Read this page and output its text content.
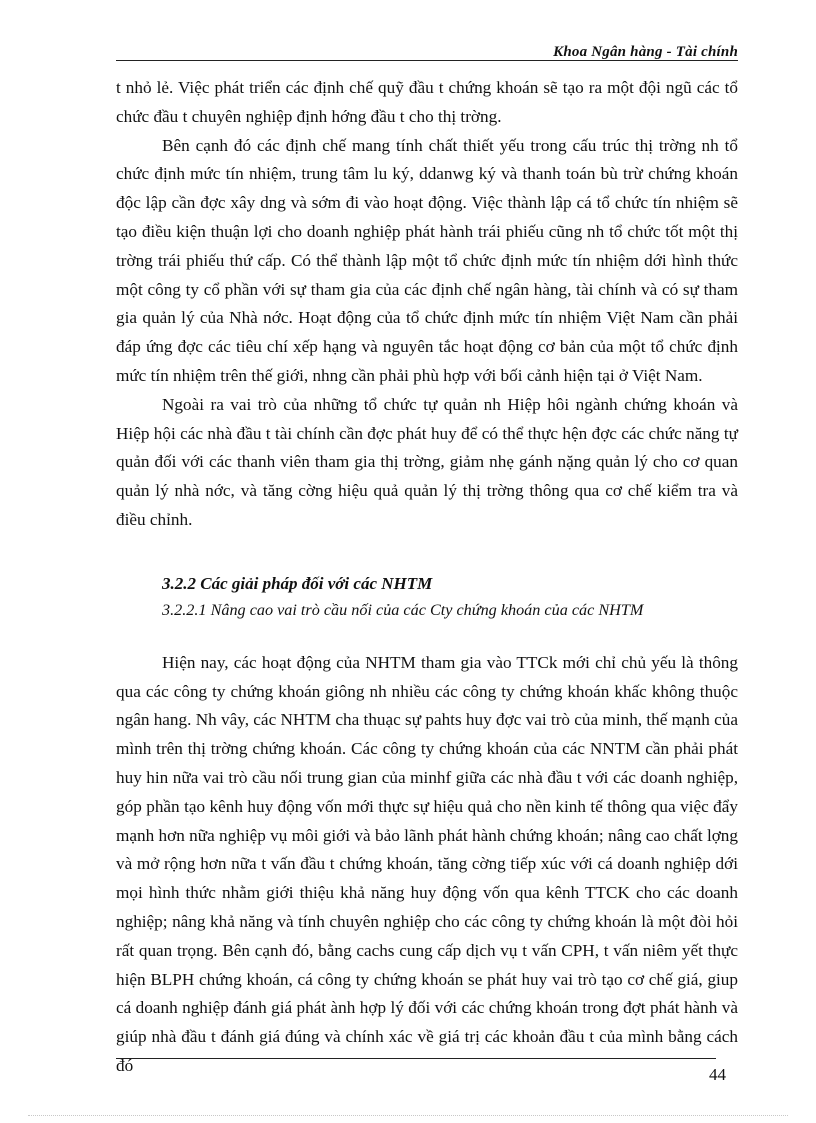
Khoa Ngân hàng - Tài chính

t nhỏ lẻ. Việc phát triển các định chế quỹ đầu t chứng khoán sẽ tạo ra một đội ngũ các tổ chức đầu t chuyên nghiệp định hớng đầu t cho thị trờng.

Bên cạnh đó các định chế mang tính chất thiết yếu trong cấu trúc thị trờng nh tổ chức định mức tín nhiệm, trung tâm lu ký, ddanwg ký và thanh toán bù trừ chứng khoán độc lập cần đợc xây dng và sớm đi vào hoạt động. Việc thành lập cá tổ chức tín nhiệm sẽ tạo điều kiện thuận lợi cho doanh nghiệp phát hành trái phiếu cũng nh tổ chức tốt một thị trờng trái phiếu thứ cấp. Có thể thành lập một tổ chức định mức tín nhiệm dới hình thức một công ty cổ phần với sự tham gia của các định chế ngân hàng, tài chính và có sự tham gia quản lý của Nhà nớc. Hoạt động của tổ chức định mức tín nhiệm Việt Nam cần phải đáp ứng đợc các tiêu chí xếp hạng và nguyên tắc hoạt động cơ bản của một tổ chức định mức tín nhiệm trên thế giới, nhng cần phải phù hợp với bối cảnh hiện tại ở Việt Nam.

Ngoài ra vai trò của những tổ chức tự quản nh Hiệp hôi ngành chứng khoán và Hiệp hội các nhà đầu t tài chính cần đợc phát huy để có thể thực hện đợc các chức năng tự quản đối với các thanh viên tham gia thị trờng, giảm nhẹ gánh nặng quản lý cho cơ quan quản lý nhà nớc, và tăng cờng hiệu quả quản lý thị trờng thông qua cơ chế kiểm tra và điều chỉnh.

3.2.2 Các giải pháp đối với các NHTM
3.2.2.1 Nâng cao vai trò cầu nối của các Cty chứng khoán của các NHTM

Hiện nay, các hoạt động của NHTM tham gia vào TTCk mới chỉ chủ yếu là thông qua các công ty chứng khoán giông nh nhiều các công ty chứng khoán khấc không thuộc ngân hang. Nh vây, các NHTM cha thuạc sự pahts huy đợc vai trò của minh, thế mạnh của mình trên thị trờng chứng khoán. Các công ty chứng khoán của các NNTM cần phải phát huy hin nữa vai trò cầu nối trung gian của minhf giữa các nhà đầu t với các doanh nghiệp, góp phần tạo kênh huy động vốn mới thực sự hiệu quả cho nền kinh tế thông qua việc đẩy mạnh hơn nữa nghiệp vụ môi giới và bảo lãnh phát hành chứng khoán; nâng cao chất lợng và mở rộng hơn nữa t vấn đầu t chứng khoán, tăng cờng tiếp xúc với cá doanh nghiệp dới mọi hình thức nhằm giới thiệu khả năng huy động vốn qua kênh TTCK cho các doanh nghiệp; nâng khả năng và tính chuyên nghiệp cho các công ty chứng khoán là một đòi hỏi rất quan trọng. Bên cạnh đó, bằng cachs cung cấp dịch vụ t vấn CPH, t vấn niêm yết thực hiện BLPH chứng khoán, cá công ty chứng khoán se phát huy vai trò tạo cơ chế giá, giup cá doanh nghiệp đánh giá phát ành hợp lý đối với các chứng khoán trong đợt phát hành và giúp nhà đầu t đánh giá đúng và chính xác về giá trị các khoản đầu t của mình bằng cách đó	44
